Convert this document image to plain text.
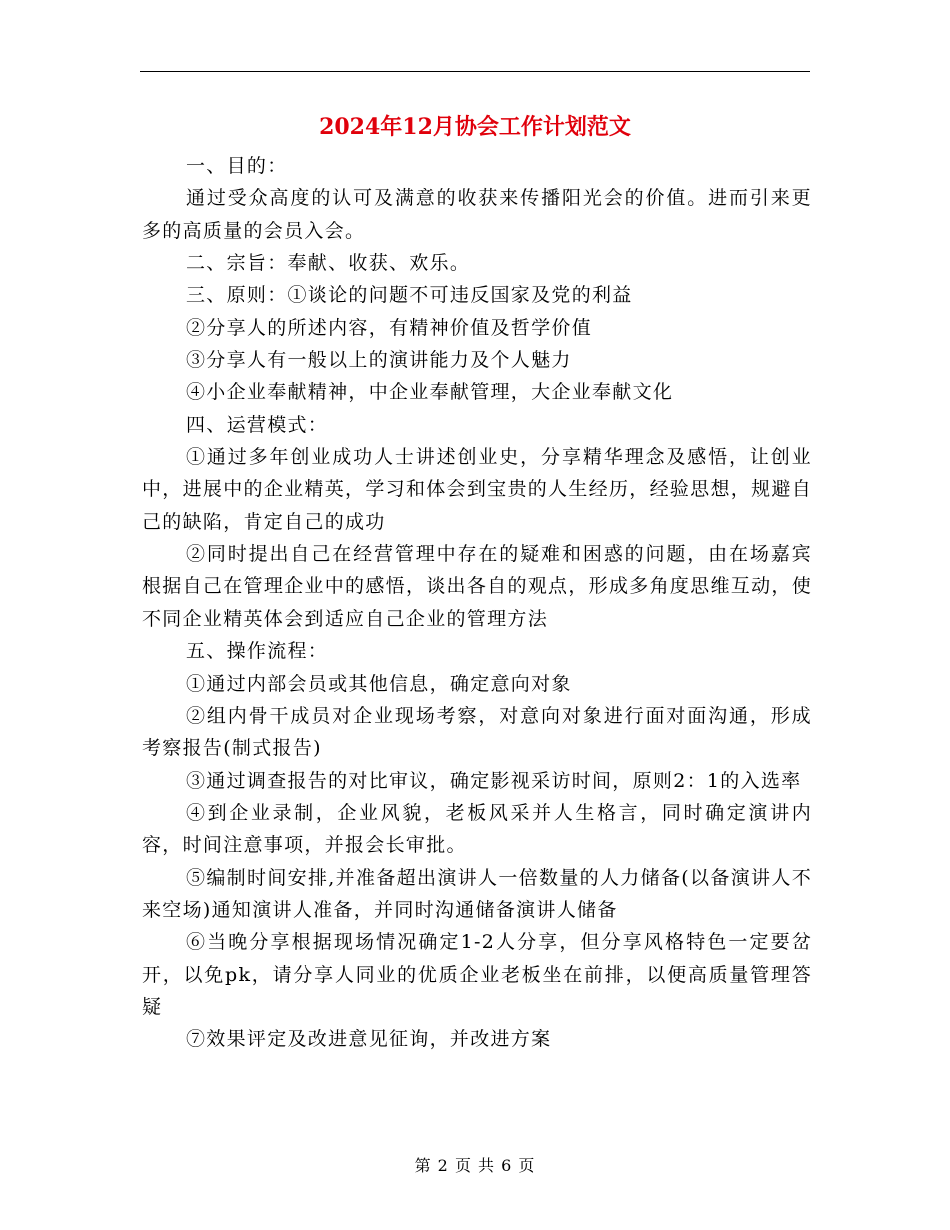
2024年12月协会工作计划范文

一、目的：

通过受众高度的认可及满意的收获来传播阳光会的价值。进而引来更多的高质量的会员入会。

二、宗旨：奉献、收获、欢乐。

三、原则：①谈论的问题不可违反国家及党的利益

②分享人的所述内容，有精神价值及哲学价值

③分享人有一般以上的演讲能力及个人魅力

④小企业奉献精神，中企业奉献管理，大企业奉献文化

四、运营模式：

①通过多年创业成功人士讲述创业史，分享精华理念及感悟，让创业中，进展中的企业精英，学习和体会到宝贵的人生经历，经验思想，规避自己的缺陷，肯定自己的成功

②同时提出自己在经营管理中存在的疑难和困惑的问题，由在场嘉宾根据自己在管理企业中的感悟，谈出各自的观点，形成多角度思维互动，使不同企业精英体会到适应自己企业的管理方法

五、操作流程：

①通过内部会员或其他信息，确定意向对象

②组内骨干成员对企业现场考察，对意向对象进行面对面沟通，形成考察报告(制式报告)

③通过调查报告的对比审议，确定影视采访时间，原则2：1的入选率

④到企业录制，企业风貌，老板风采并人生格言，同时确定演讲内容，时间注意事项，并报会长审批。

⑤编制时间安排,并准备超出演讲人一倍数量的人力储备(以备演讲人不来空场)通知演讲人准备，并同时沟通储备演讲人储备

⑥当晚分享根据现场情况确定1-2人分享，但分享风格特色一定要岔开，以免pk，请分享人同业的优质企业老板坐在前排，以便高质量管理答疑

⑦效果评定及改进意见征询，并改进方案

第 2 页 共 6 页
